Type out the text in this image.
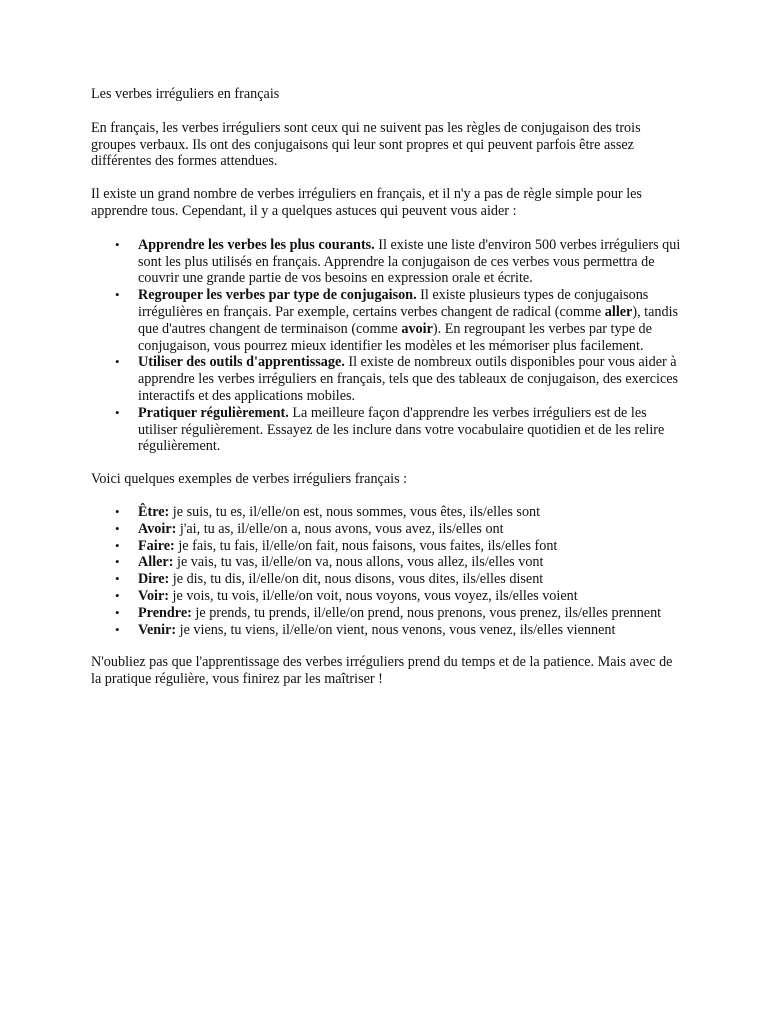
Les verbes irréguliers en français

En français, les verbes irréguliers sont ceux qui ne suivent pas les règles de conjugaison des trois groupes verbaux. Ils ont des conjugaisons qui leur sont propres et qui peuvent parfois être assez différentes des formes attendues.

Il existe un grand nombre de verbes irréguliers en français, et il n'y a pas de règle simple pour les apprendre tous. Cependant, il y a quelques astuces qui peuvent vous aider :

• Apprendre les verbes les plus courants. Il existe une liste d'environ 500 verbes irréguliers qui sont les plus utilisés en français. Apprendre la conjugaison de ces verbes vous permettra de couvrir une grande partie de vos besoins en expression orale et écrite.
• Regrouper les verbes par type de conjugaison. Il existe plusieurs types de conjugaisons irrégulières en français. Par exemple, certains verbes changent de radical (comme aller), tandis que d'autres changent de terminaison (comme avoir). En regroupant les verbes par type de conjugaison, vous pourrez mieux identifier les modèles et les mémoriser plus facilement.
• Utiliser des outils d'apprentissage. Il existe de nombreux outils disponibles pour vous aider à apprendre les verbes irréguliers en français, tels que des tableaux de conjugaison, des exercices interactifs et des applications mobiles.
• Pratiquer régulièrement. La meilleure façon d'apprendre les verbes irréguliers est de les utiliser régulièrement. Essayez de les inclure dans votre vocabulaire quotidien et de les relire régulièrement.

Voici quelques exemples de verbes irréguliers français :

• Être: je suis, tu es, il/elle/on est, nous sommes, vous êtes, ils/elles sont
• Avoir: j'ai, tu as, il/elle/on a, nous avons, vous avez, ils/elles ont
• Faire: je fais, tu fais, il/elle/on fait, nous faisons, vous faites, ils/elles font
• Aller: je vais, tu vas, il/elle/on va, nous allons, vous allez, ils/elles vont
• Dire: je dis, tu dis, il/elle/on dit, nous disons, vous dites, ils/elles disent
• Voir: je vois, tu vois, il/elle/on voit, nous voyons, vous voyez, ils/elles voient
• Prendre: je prends, tu prends, il/elle/on prend, nous prenons, vous prenez, ils/elles prennent
• Venir: je viens, tu viens, il/elle/on vient, nous venons, vous venez, ils/elles viennent

N'oubliez pas que l'apprentissage des verbes irréguliers prend du temps et de la patience. Mais avec de la pratique régulière, vous finirez par les maîtriser !
